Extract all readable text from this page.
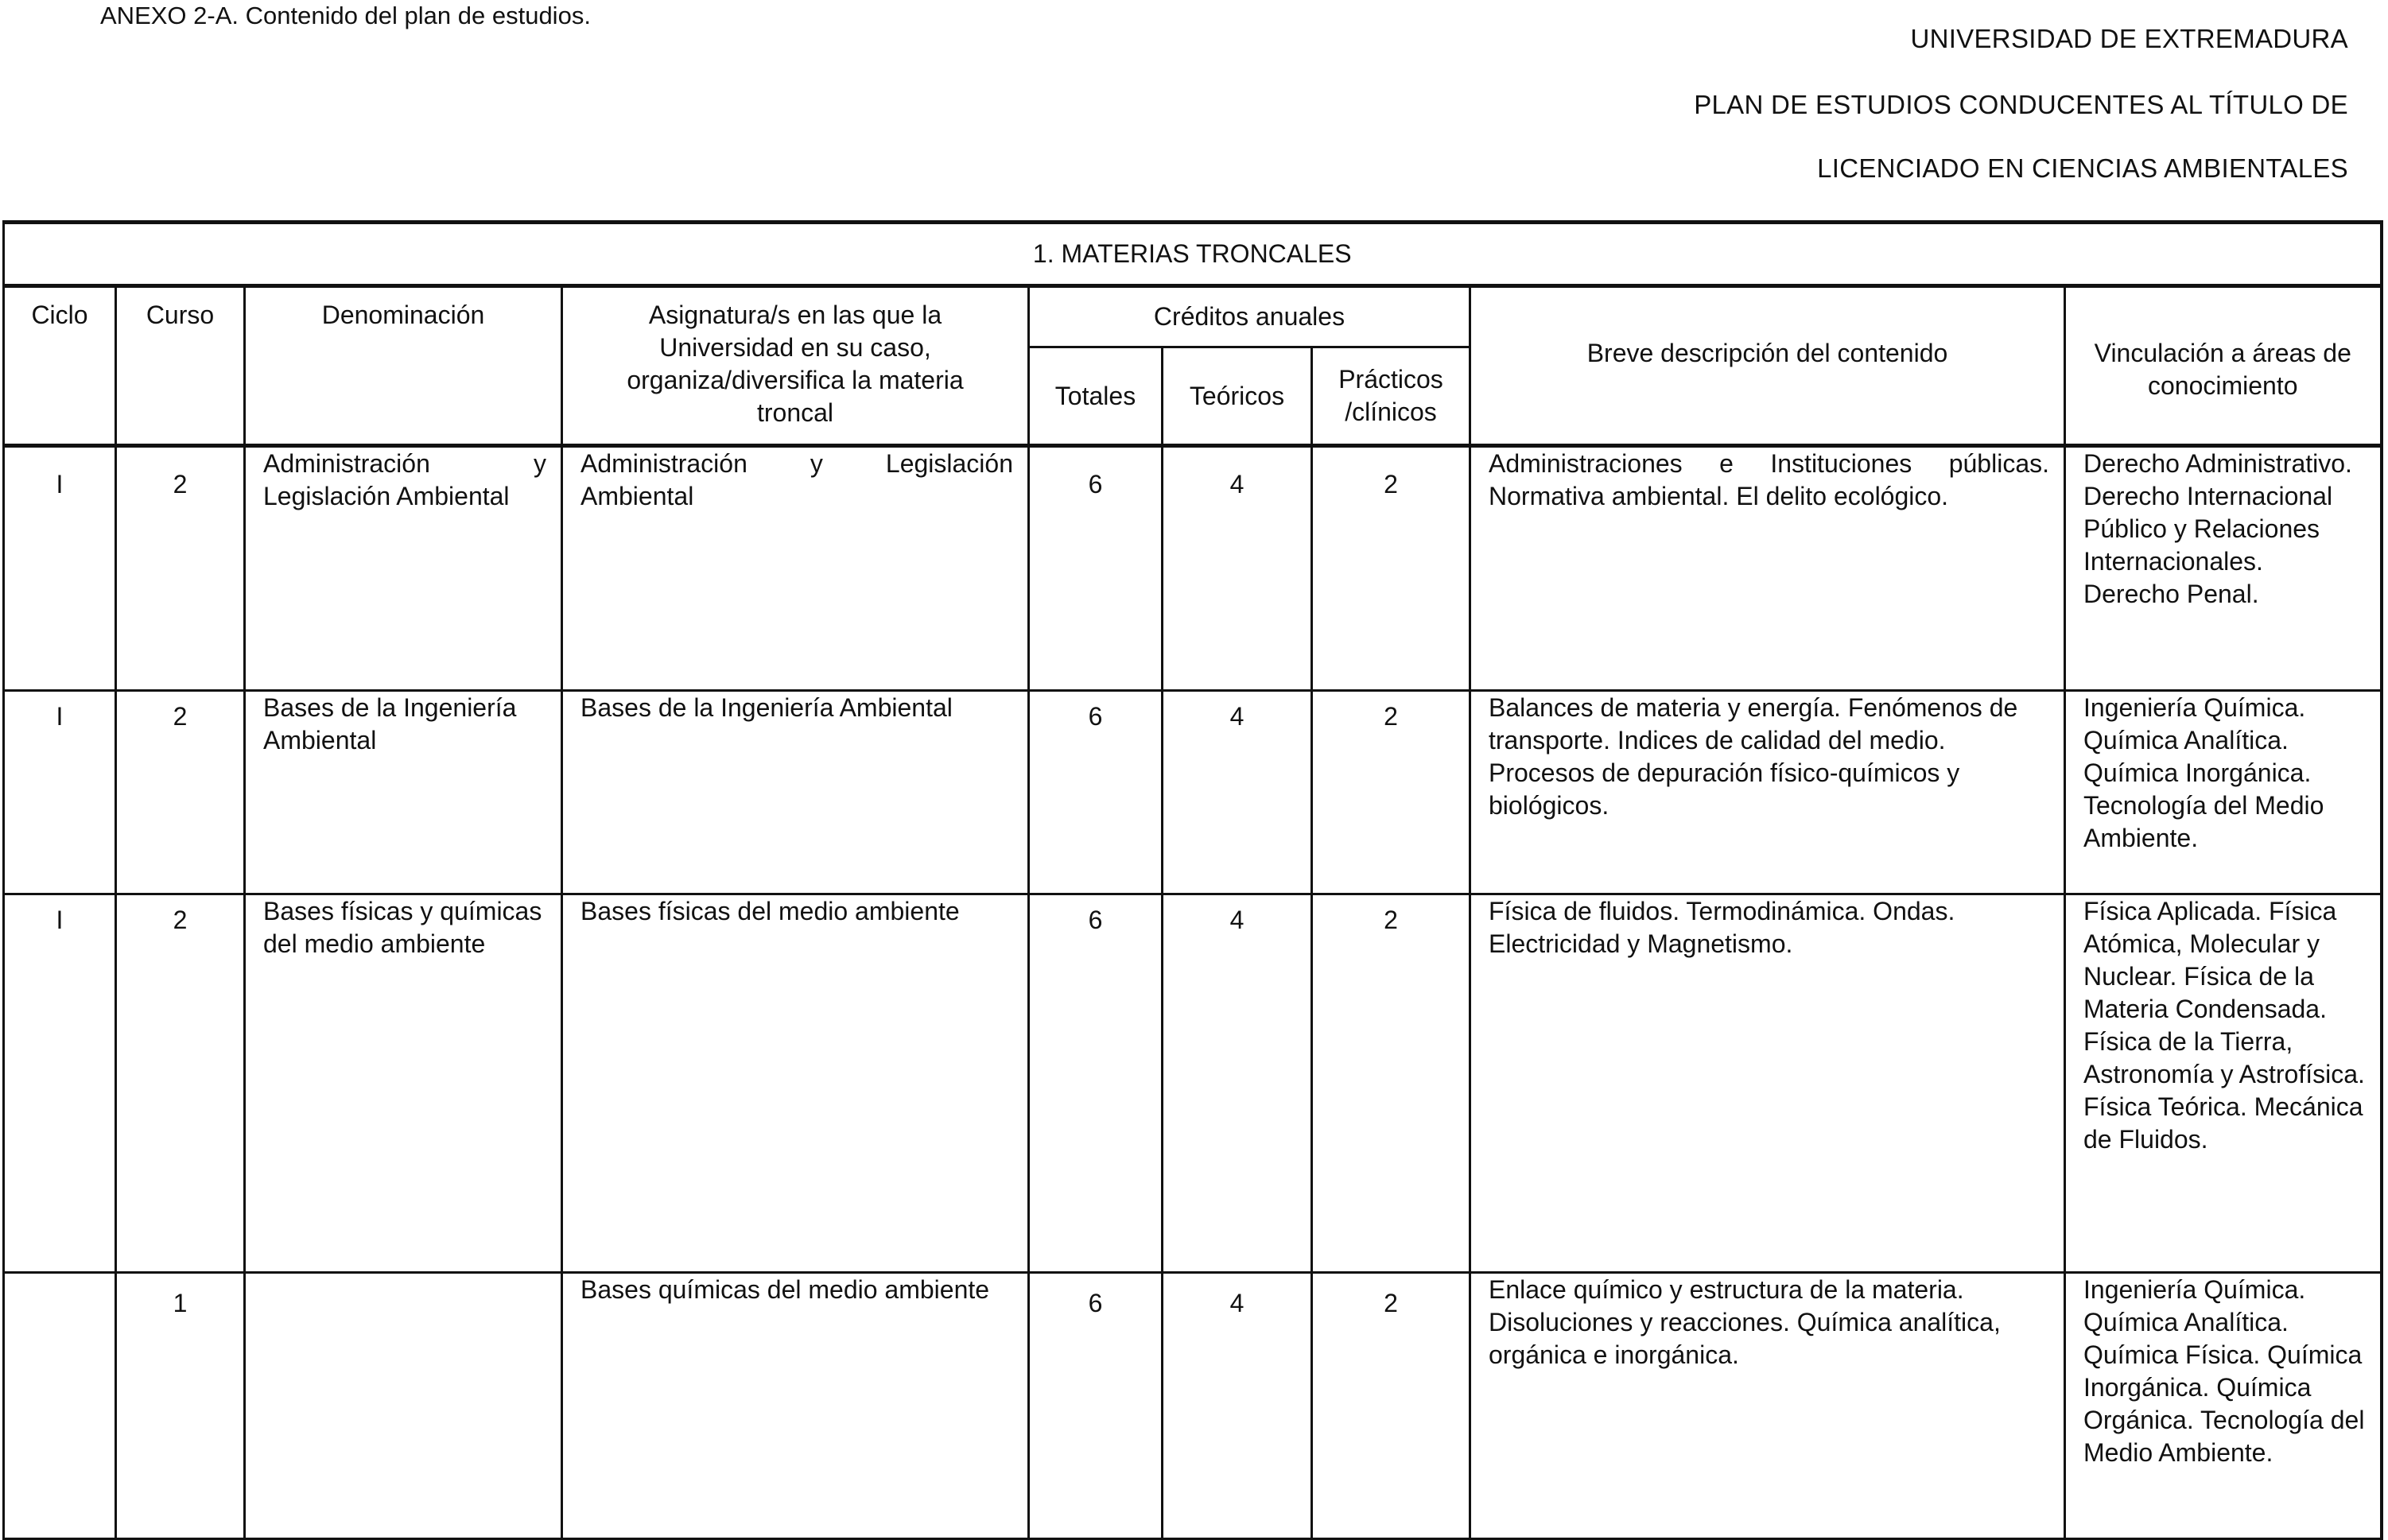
ANEXO 2-A. Contenido del plan de estudios.
UNIVERSIDAD DE EXTREMADURA
PLAN DE ESTUDIOS CONDUCENTES AL TÍTULO DE
LICENCIADO EN CIENCIAS AMBIENTALES
1. MATERIAS TRONCALES								
Ciclo	Curso	Denominación	Asignatura/s en las que la Universidad en su caso, organiza/diversifica la materia troncal	Créditos anuales			Breve descripción del contenido	Vinculación a áreas de conocimiento
				Totales	Teóricos	Prácticos /clínicos		
I	2	Administración y Legislación Ambiental	Administración y Legislación Ambiental	6	4	2	Administraciones e Instituciones públicas. Normativa ambiental. El delito ecológico.	Derecho Administrativo. Derecho Internacional Público y Relaciones Internacionales. Derecho Penal.
I	2	Bases de la Ingeniería Ambiental	Bases de la Ingeniería Ambiental	6	4	2	Balances de materia y energía. Fenómenos de transporte. Indices de calidad del medio. Procesos de depuración físico-químicos y biológicos.	Ingeniería Química. Química Analítica. Química Inorgánica. Tecnología del Medio Ambiente.
I	2	Bases físicas y químicas del medio ambiente	Bases físicas del medio ambiente	6	4	2	Física de fluidos. Termodinámica. Ondas. Electricidad y Magnetismo.	Física Aplicada. Física Atómica, Molecular y Nuclear. Física de la Materia Condensada. Física de la Tierra, Astronomía y Astrofísica. Física Teórica. Mecánica de Fluidos.
	1		Bases químicas del medio ambiente	6	4	2	Enlace químico y estructura de la materia. Disoluciones y reacciones. Química analítica, orgánica e inorgánica.	Ingeniería Química. Química Analítica. Química Física. Química Inorgánica. Química Orgánica. Tecnología del Medio Ambiente.
